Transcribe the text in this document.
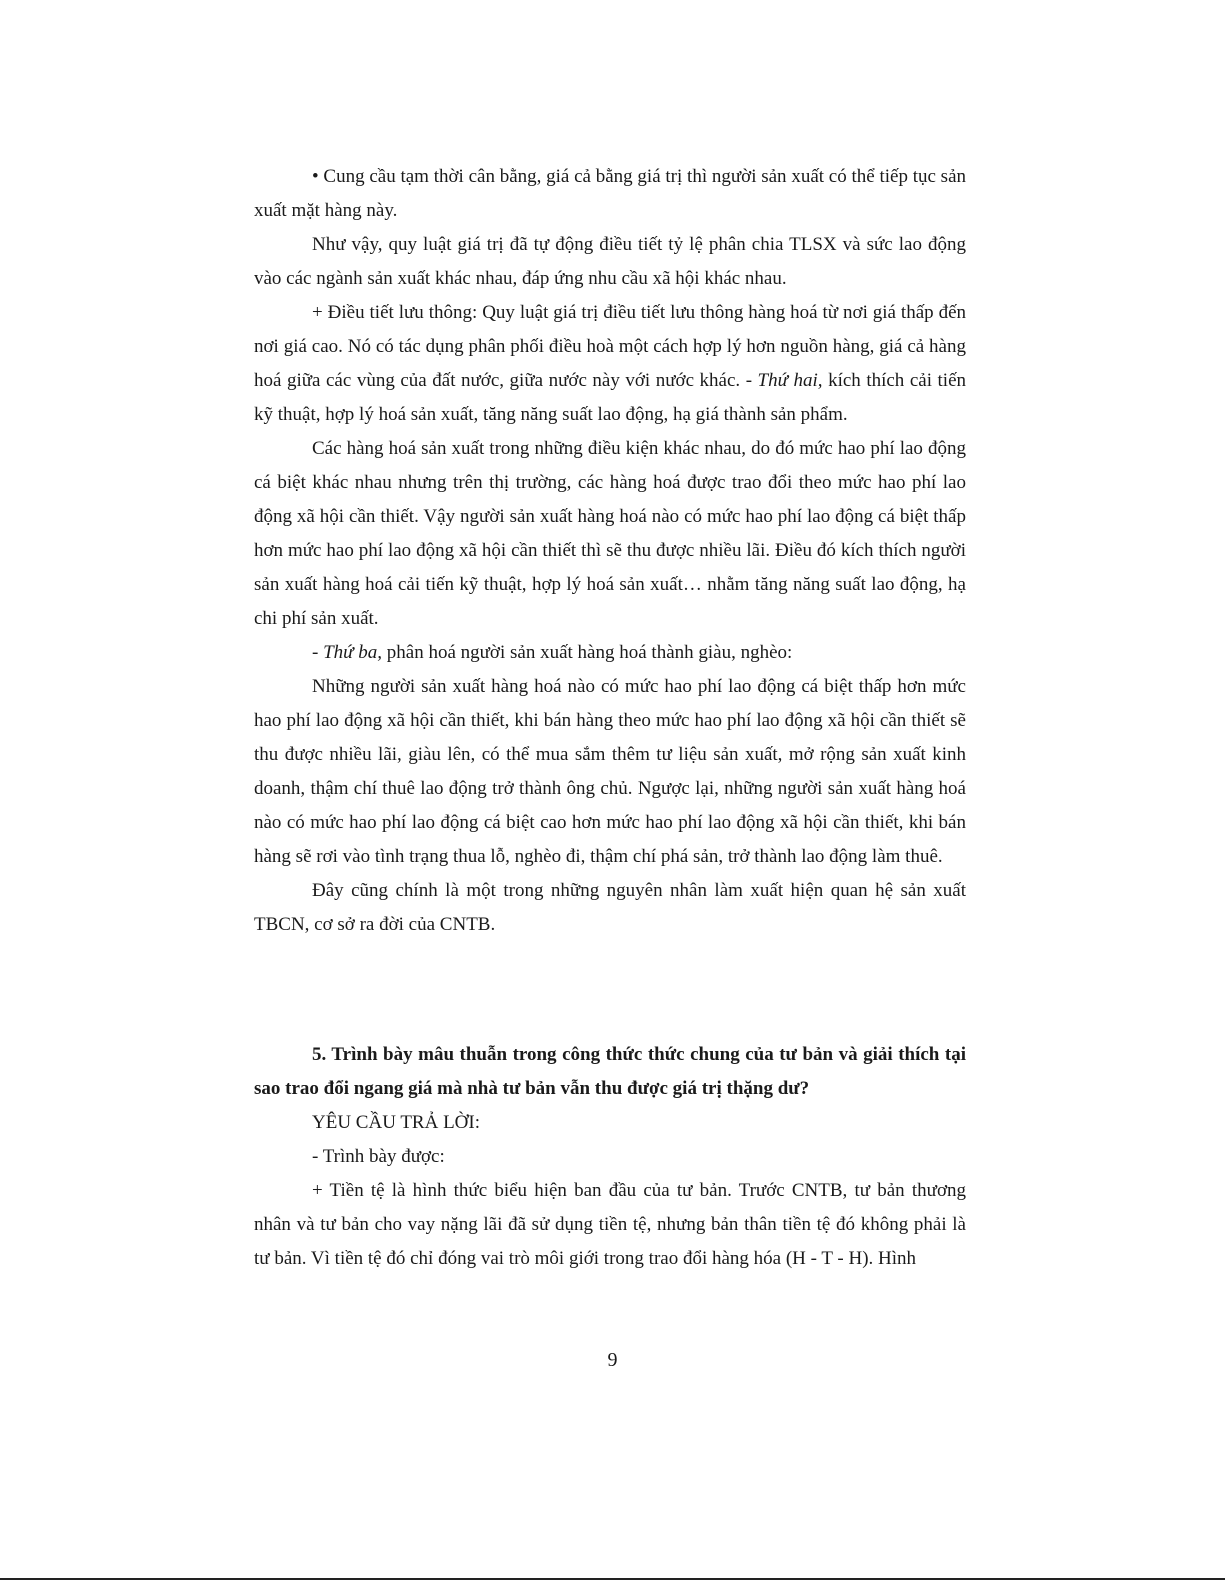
• Cung cầu tạm thời cân bằng, giá cả bằng giá trị thì người sản xuất có thể tiếp tục sản xuất mặt hàng này.

Như vậy, quy luật giá trị đã tự động điều tiết tỷ lệ phân chia TLSX và sức lao động vào các ngành sản xuất khác nhau, đáp ứng nhu cầu xã hội khác nhau.

+ Điều tiết lưu thông: Quy luật giá trị điều tiết lưu thông hàng hoá từ nơi giá thấp đến nơi giá cao. Nó có tác dụng phân phối điều hoà một cách hợp lý hơn nguồn hàng, giá cả hàng hoá giữa các vùng của đất nước, giữa nước này với nước khác. - Thứ hai, kích thích cải tiến kỹ thuật, hợp lý hoá sản xuất, tăng năng suất lao động, hạ giá thành sản phẩm.

Các hàng hoá sản xuất trong những điều kiện khác nhau, do đó mức hao phí lao động cá biệt khác nhau nhưng trên thị trường, các hàng hoá được trao đổi theo mức hao phí lao động xã hội cần thiết. Vậy người sản xuất hàng hoá nào có mức hao phí lao động cá biệt thấp hơn mức hao phí lao động xã hội cần thiết thì sẽ thu được nhiều lãi. Điều đó kích thích người sản xuất hàng hoá cải tiến kỹ thuật, hợp lý hoá sản xuất… nhằm tăng năng suất lao động, hạ chi phí sản xuất.

- Thứ ba, phân hoá người sản xuất hàng hoá thành giàu, nghèo:

Những người sản xuất hàng hoá nào có mức hao phí lao động cá biệt thấp hơn mức hao phí lao động xã hội cần thiết, khi bán hàng theo mức hao phí lao động xã hội cần thiết sẽ thu được nhiều lãi, giàu lên, có thể mua sắm thêm tư liệu sản xuất, mở rộng sản xuất kinh doanh, thậm chí thuê lao động trở thành ông chủ. Ngược lại, những người sản xuất hàng hoá nào có mức hao phí lao động cá biệt cao hơn mức hao phí lao động xã hội cần thiết, khi bán hàng sẽ rơi vào tình trạng thua lỗ, nghèo đi, thậm chí phá sản, trở thành lao động làm thuê.

Đây cũng chính là một trong những nguyên nhân làm xuất hiện quan hệ sản xuất TBCN, cơ sở ra đời của CNTB.

5. Trình bày mâu thuẫn trong công thức thức chung của tư bản và giải thích tại sao trao đổi ngang giá mà nhà tư bản vẫn thu được giá trị thặng dư?

YÊU CẦU TRẢ LỜI:

- Trình bày được:

+ Tiền tệ là hình thức biểu hiện ban đầu của tư bản. Trước CNTB, tư bản thương nhân và tư bản cho vay nặng lãi đã sử dụng tiền tệ, nhưng bản thân tiền tệ đó không phải là tư bản. Vì tiền tệ đó chỉ đóng vai trò môi giới trong trao đổi hàng hóa (H - T - H). Hình

9
